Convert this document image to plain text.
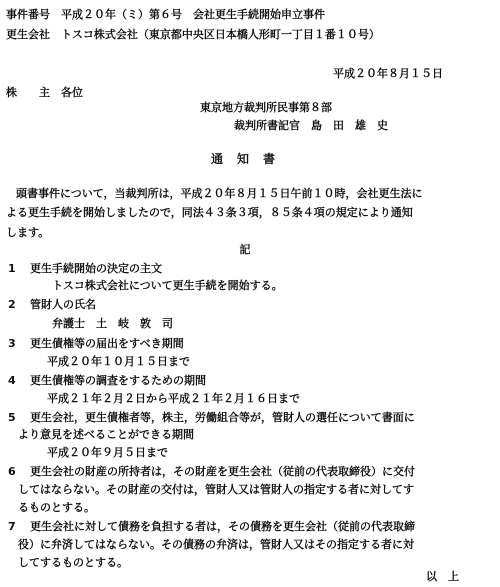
事件番号　平成２０年（ミ）第６号　会社更生手続開始申立事件
更生会社　トスコ株式会社（東京都中央区日本橋人形町一丁目１番１０号）
平成２０年８月１５日
株　　主　各位
東京地方裁判所民事第８部
裁判所書記官　島　田　雄　史
通知書
頭書事件について，当裁判所は，平成２０年８月１５日午前１０時，会社更生法に
よる更生手続を開始しましたので，同法４３条３項，８５条４項の規定により通知
します。
記
1	更生手続開始の決定の主文
　　トスコ株式会社について更生手続を開始する。
2	管財人の氏名
　　弁護士　土　岐　敦　司
3	更生債権等の届出をすべき期間
　平成２０年１０月１５日まで
4	更生債権等の調査をするための期間
　平成２１年２月２日から平成２１年２月１６日まで
5	更生会社，更生債権者等，株主，労働組合等が，管財人の選任について書面に
より意見を述べることができる期間
　平成２０年９月５日まで
6	更生会社の財産の所持者は，その財産を更生会社（従前の代表取締役）に交付
してはならない。その財産の交付は，管財人又は管財人の指定する者に対してす
るものとする。
7	更生会社に対して債務を負担する者は，その債務を更生会社（従前の代表取締
役）に弁済してはならない。その債務の弁済は，管財人又はその指定する者に対
してするものとする。
以　上
